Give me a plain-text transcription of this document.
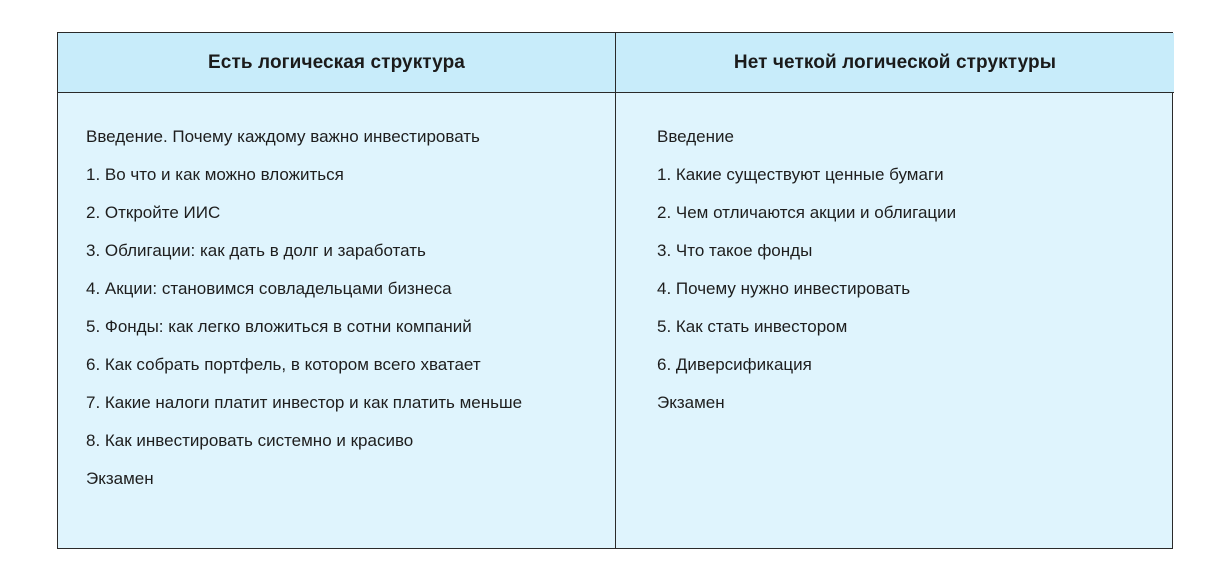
Есть логическая структура	Нет четкой логической структуры
Введение. Почему каждому важно инвестировать
1. Во что и как можно вложиться
2. Откройте ИИС
3. Облигации: как дать в долг и заработать
4. Акции: становимся совладельцами бизнеса
5. Фонды: как легко вложиться в сотни компаний
6. Как собрать портфель, в котором всего хватает
7. Какие налоги платит инвестор и как платить меньше
8. Как инвестировать системно и красиво
Экзамен
Введение
1. Какие существуют ценные бумаги
2. Чем отличаются акции и облигации
3. Что такое фонды
4. Почему нужно инвестировать
5. Как стать инвестором
6. Диверсификация
Экзамен
